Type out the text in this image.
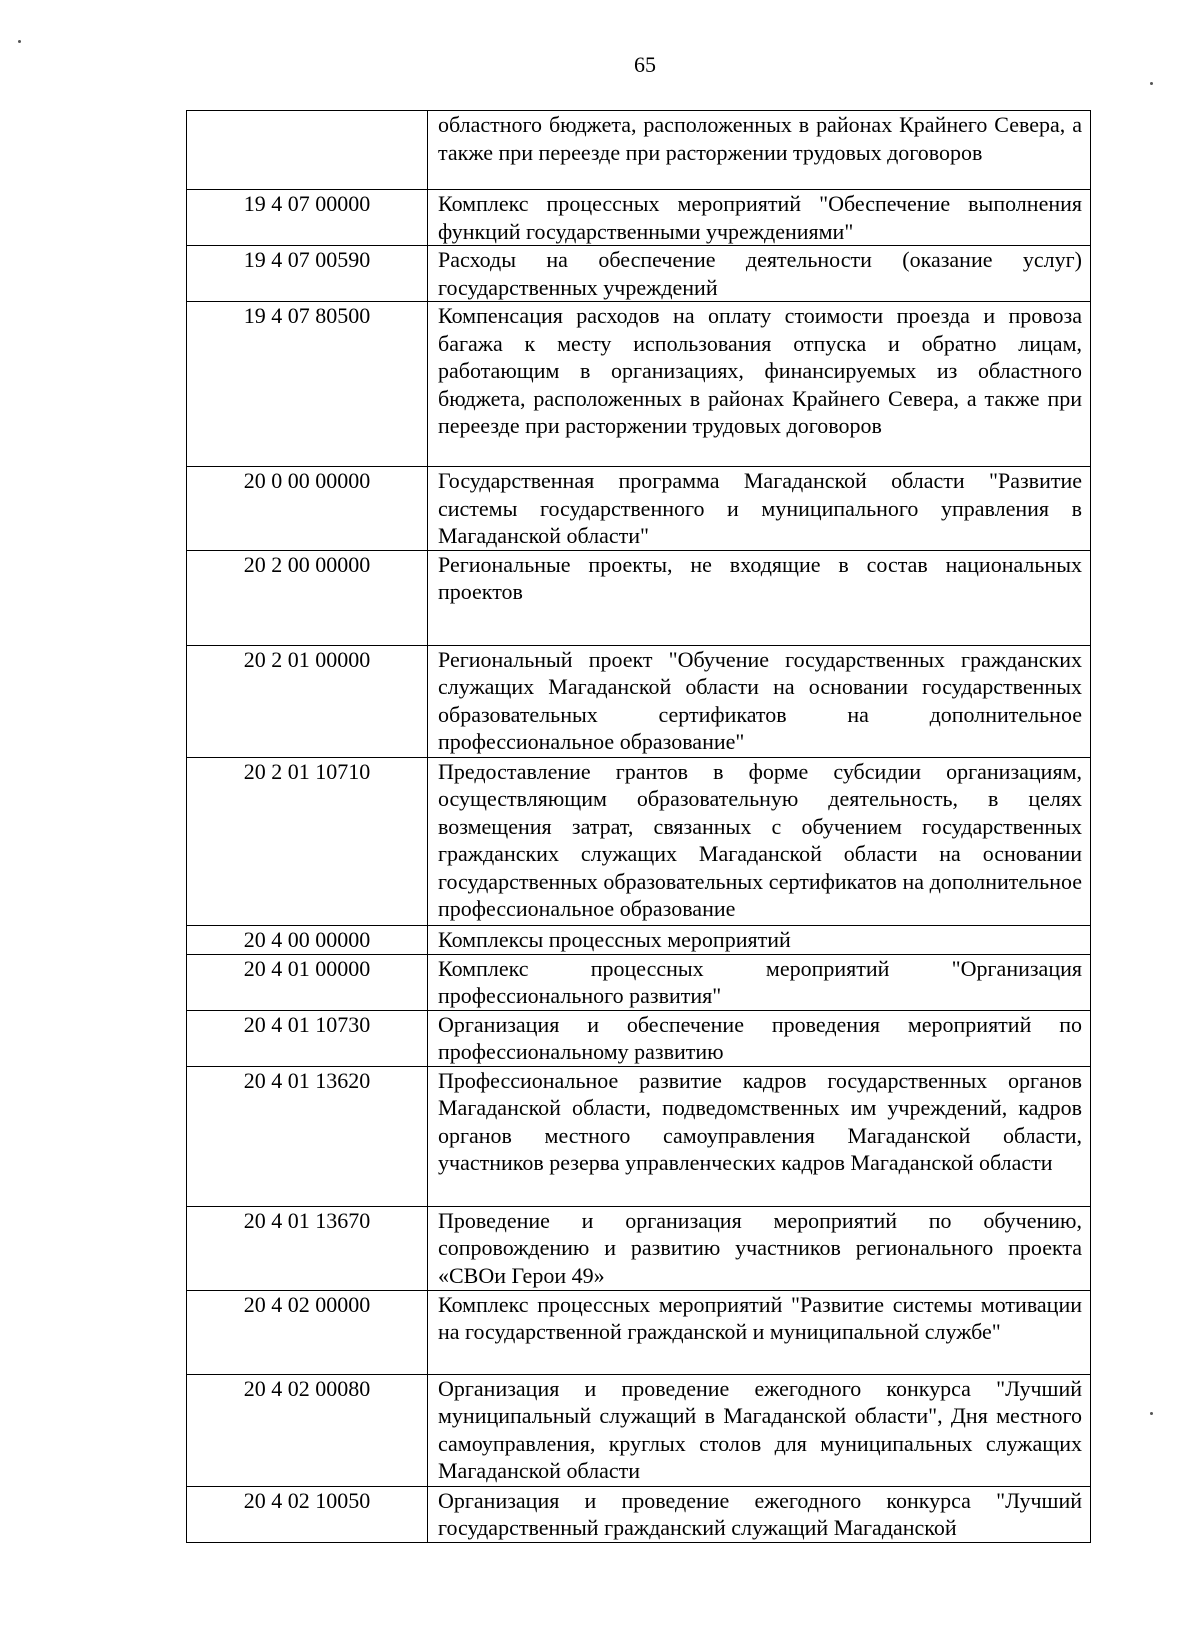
65
	областного бюджета, расположенных в районах Крайнего Севера, а также при переезде при расторжении трудовых договоров
19 4 07 00000	Комплекс процессных мероприятий "Обеспечение выполнения функций государственными учреждениями"
19 4 07 00590	Расходы на обеспечение деятельности (оказание услуг) государственных учреждений
19 4 07 80500	Компенсация расходов на оплату стоимости проезда и провоза багажа к месту использования отпуска и обратно лицам, работающим в организациях, финансируемых из областного бюджета, расположенных в районах Крайнего Севера, а также при переезде при расторжении трудовых договоров
20 0 00 00000	Государственная программа Магаданской области "Развитие системы государственного и муниципального управления в Магаданской области"
20 2 00 00000	Региональные проекты, не входящие в состав национальных проектов
20 2 01 00000	Региональный проект "Обучение государственных гражданских служащих Магаданской области на основании государственных образовательных сертификатов на дополнительное профессиональное образование"
20 2 01 10710	Предоставление грантов в форме субсидии организациям, осуществляющим образовательную деятельность, в целях возмещения затрат, связанных с обучением государственных гражданских служащих Магаданской области на основании государственных образовательных сертификатов на дополнительное профессиональное образование
20 4 00 00000	Комплексы процессных мероприятий
20 4 01 00000	Комплекс процессных мероприятий "Организация профессионального развития"
20 4 01 10730	Организация и обеспечение проведения мероприятий по профессиональному развитию
20 4 01 13620	Профессиональное развитие кадров государственных органов Магаданской области, подведомственных им учреждений, кадров органов местного самоуправления Магаданской области, участников резерва управленческих кадров Магаданской области
20 4 01 13670	Проведение и организация мероприятий по обучению, сопровождению и развитию участников регионального проекта «СВОи Герои 49»
20 4 02 00000	Комплекс процессных мероприятий "Развитие системы мотивации на государственной гражданской и муниципальной службе"
20 4 02 00080	Организация и проведение ежегодного конкурса "Лучший муниципальный служащий в Магаданской области", Дня местного самоуправления, круглых столов для муниципальных служащих Магаданской области
20 4 02 10050	Организация и проведение ежегодного конкурса "Лучший государственный гражданский служащий Магаданской
